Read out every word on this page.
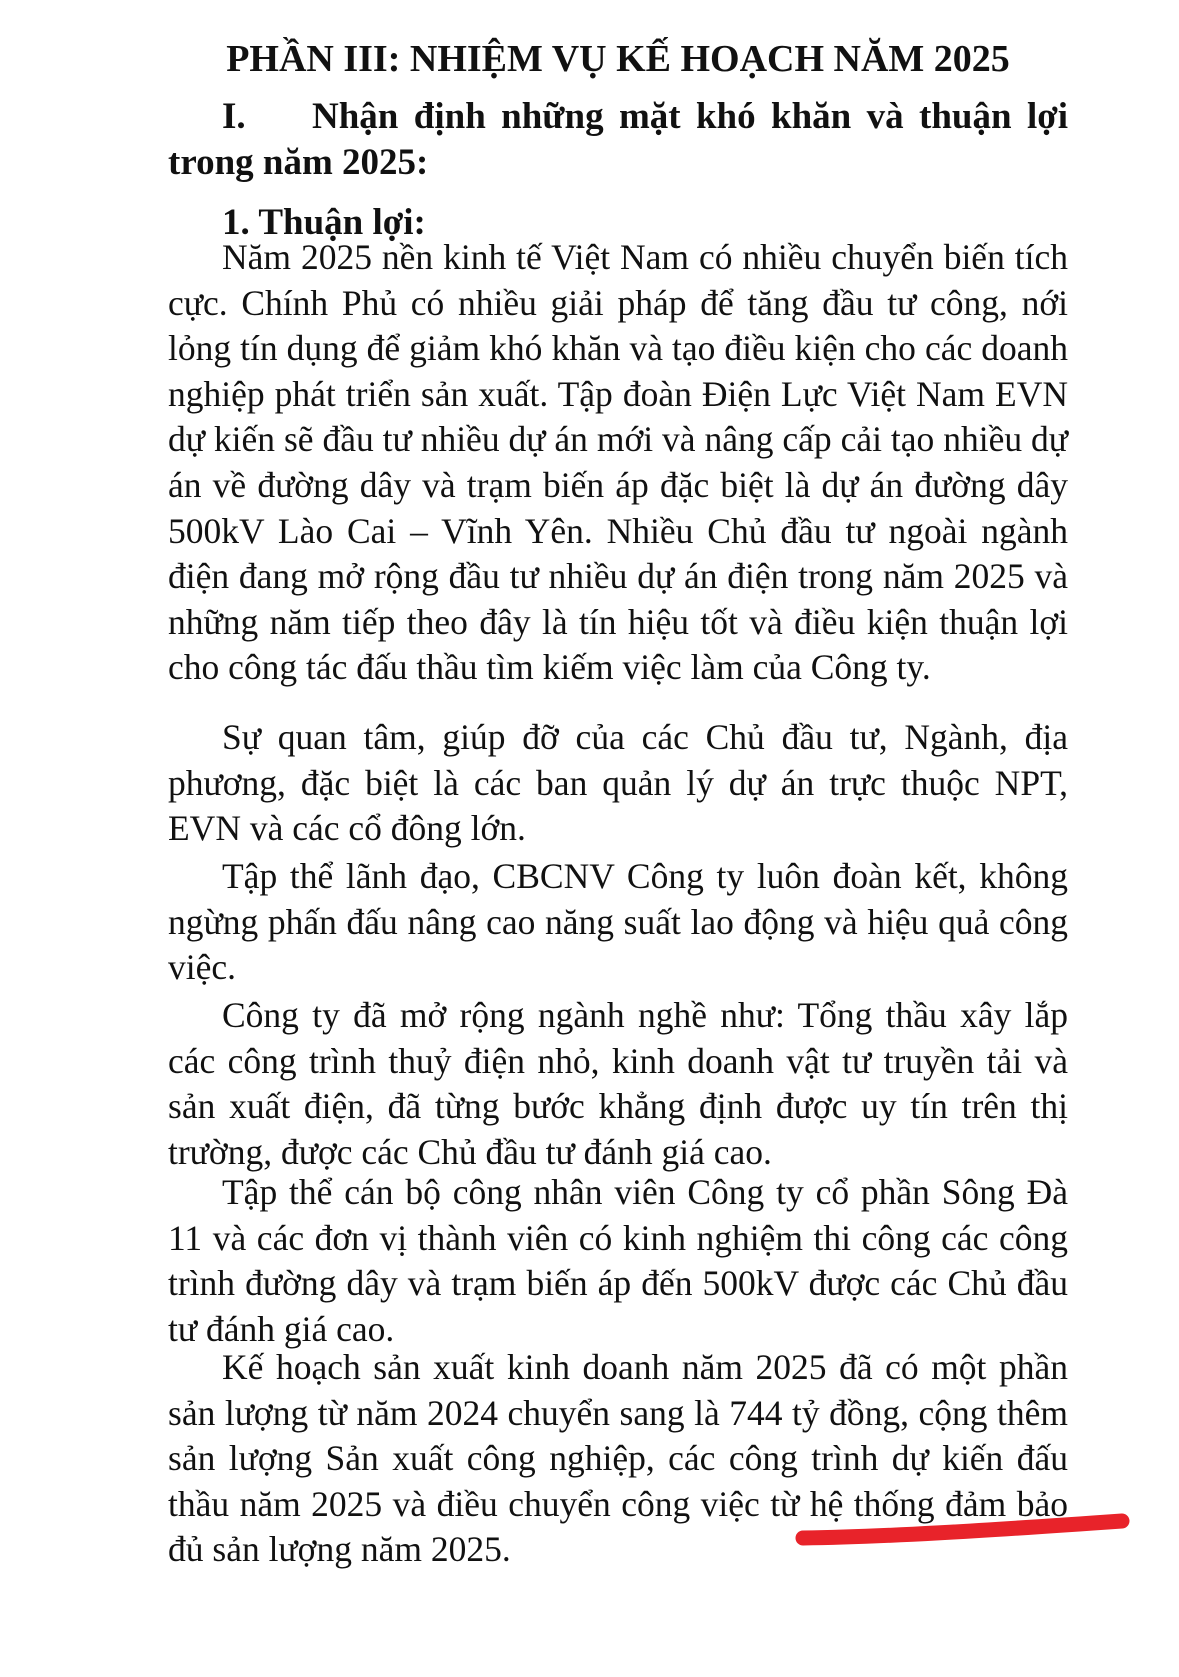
PHẦN III: NHIỆM VỤ KẾ HOẠCH NĂM 2025
I.	Nhận định những mặt khó khăn và thuận lợi
trong năm 2025:
1. Thuận lợi:

Năm 2025 nền kinh tế Việt Nam có nhiều chuyển biến tích cực. Chính Phủ có nhiều giải pháp để tăng đầu tư công, nới lỏng tín dụng để giảm khó khăn và tạo điều kiện cho các doanh nghiệp phát triển sản xuất. Tập đoàn Điện Lực Việt Nam EVN dự kiến sẽ đầu tư nhiều dự án mới và nâng cấp cải tạo nhiều dự án về đường dây và trạm biến áp đặc biệt là dự án đường dây 500kV Lào Cai – Vĩnh Yên. Nhiều Chủ đầu tư ngoài ngành điện đang mở rộng đầu tư nhiều dự án điện trong năm 2025 và những năm tiếp theo đây là tín hiệu tốt và điều kiện thuận lợi cho công tác đấu thầu tìm kiếm việc làm của Công ty.

Sự quan tâm, giúp đỡ của các Chủ đầu tư, Ngành, địa phương, đặc biệt là các ban quản lý dự án trực thuộc NPT, EVN và các cổ đông lớn.

Tập thể lãnh đạo, CBCNV Công ty luôn đoàn kết, không ngừng phấn đấu nâng cao năng suất lao động và hiệu quả công việc.

Công ty đã mở rộng ngành nghề như: Tổng thầu xây lắp các công trình thuỷ điện nhỏ, kinh doanh vật tư truyền tải và sản xuất điện, đã từng bước khẳng định được uy tín trên thị trường, được các Chủ đầu tư đánh giá cao.

Tập thể cán bộ công nhân viên Công ty cổ phần Sông Đà 11 và các đơn vị thành viên có kinh nghiệm thi công các công trình đường dây và trạm biến áp đến 500kV được các Chủ đầu tư đánh giá cao.

Kế hoạch sản xuất kinh doanh năm 2025 đã có một phần sản lượng từ năm 2024 chuyển sang là 744 tỷ đồng, cộng thêm sản lượng Sản xuất công nghiệp, các công trình dự kiến đấu thầu năm 2025 và điều chuyển công việc từ hệ thống đảm bảo đủ sản lượng năm 2025.
